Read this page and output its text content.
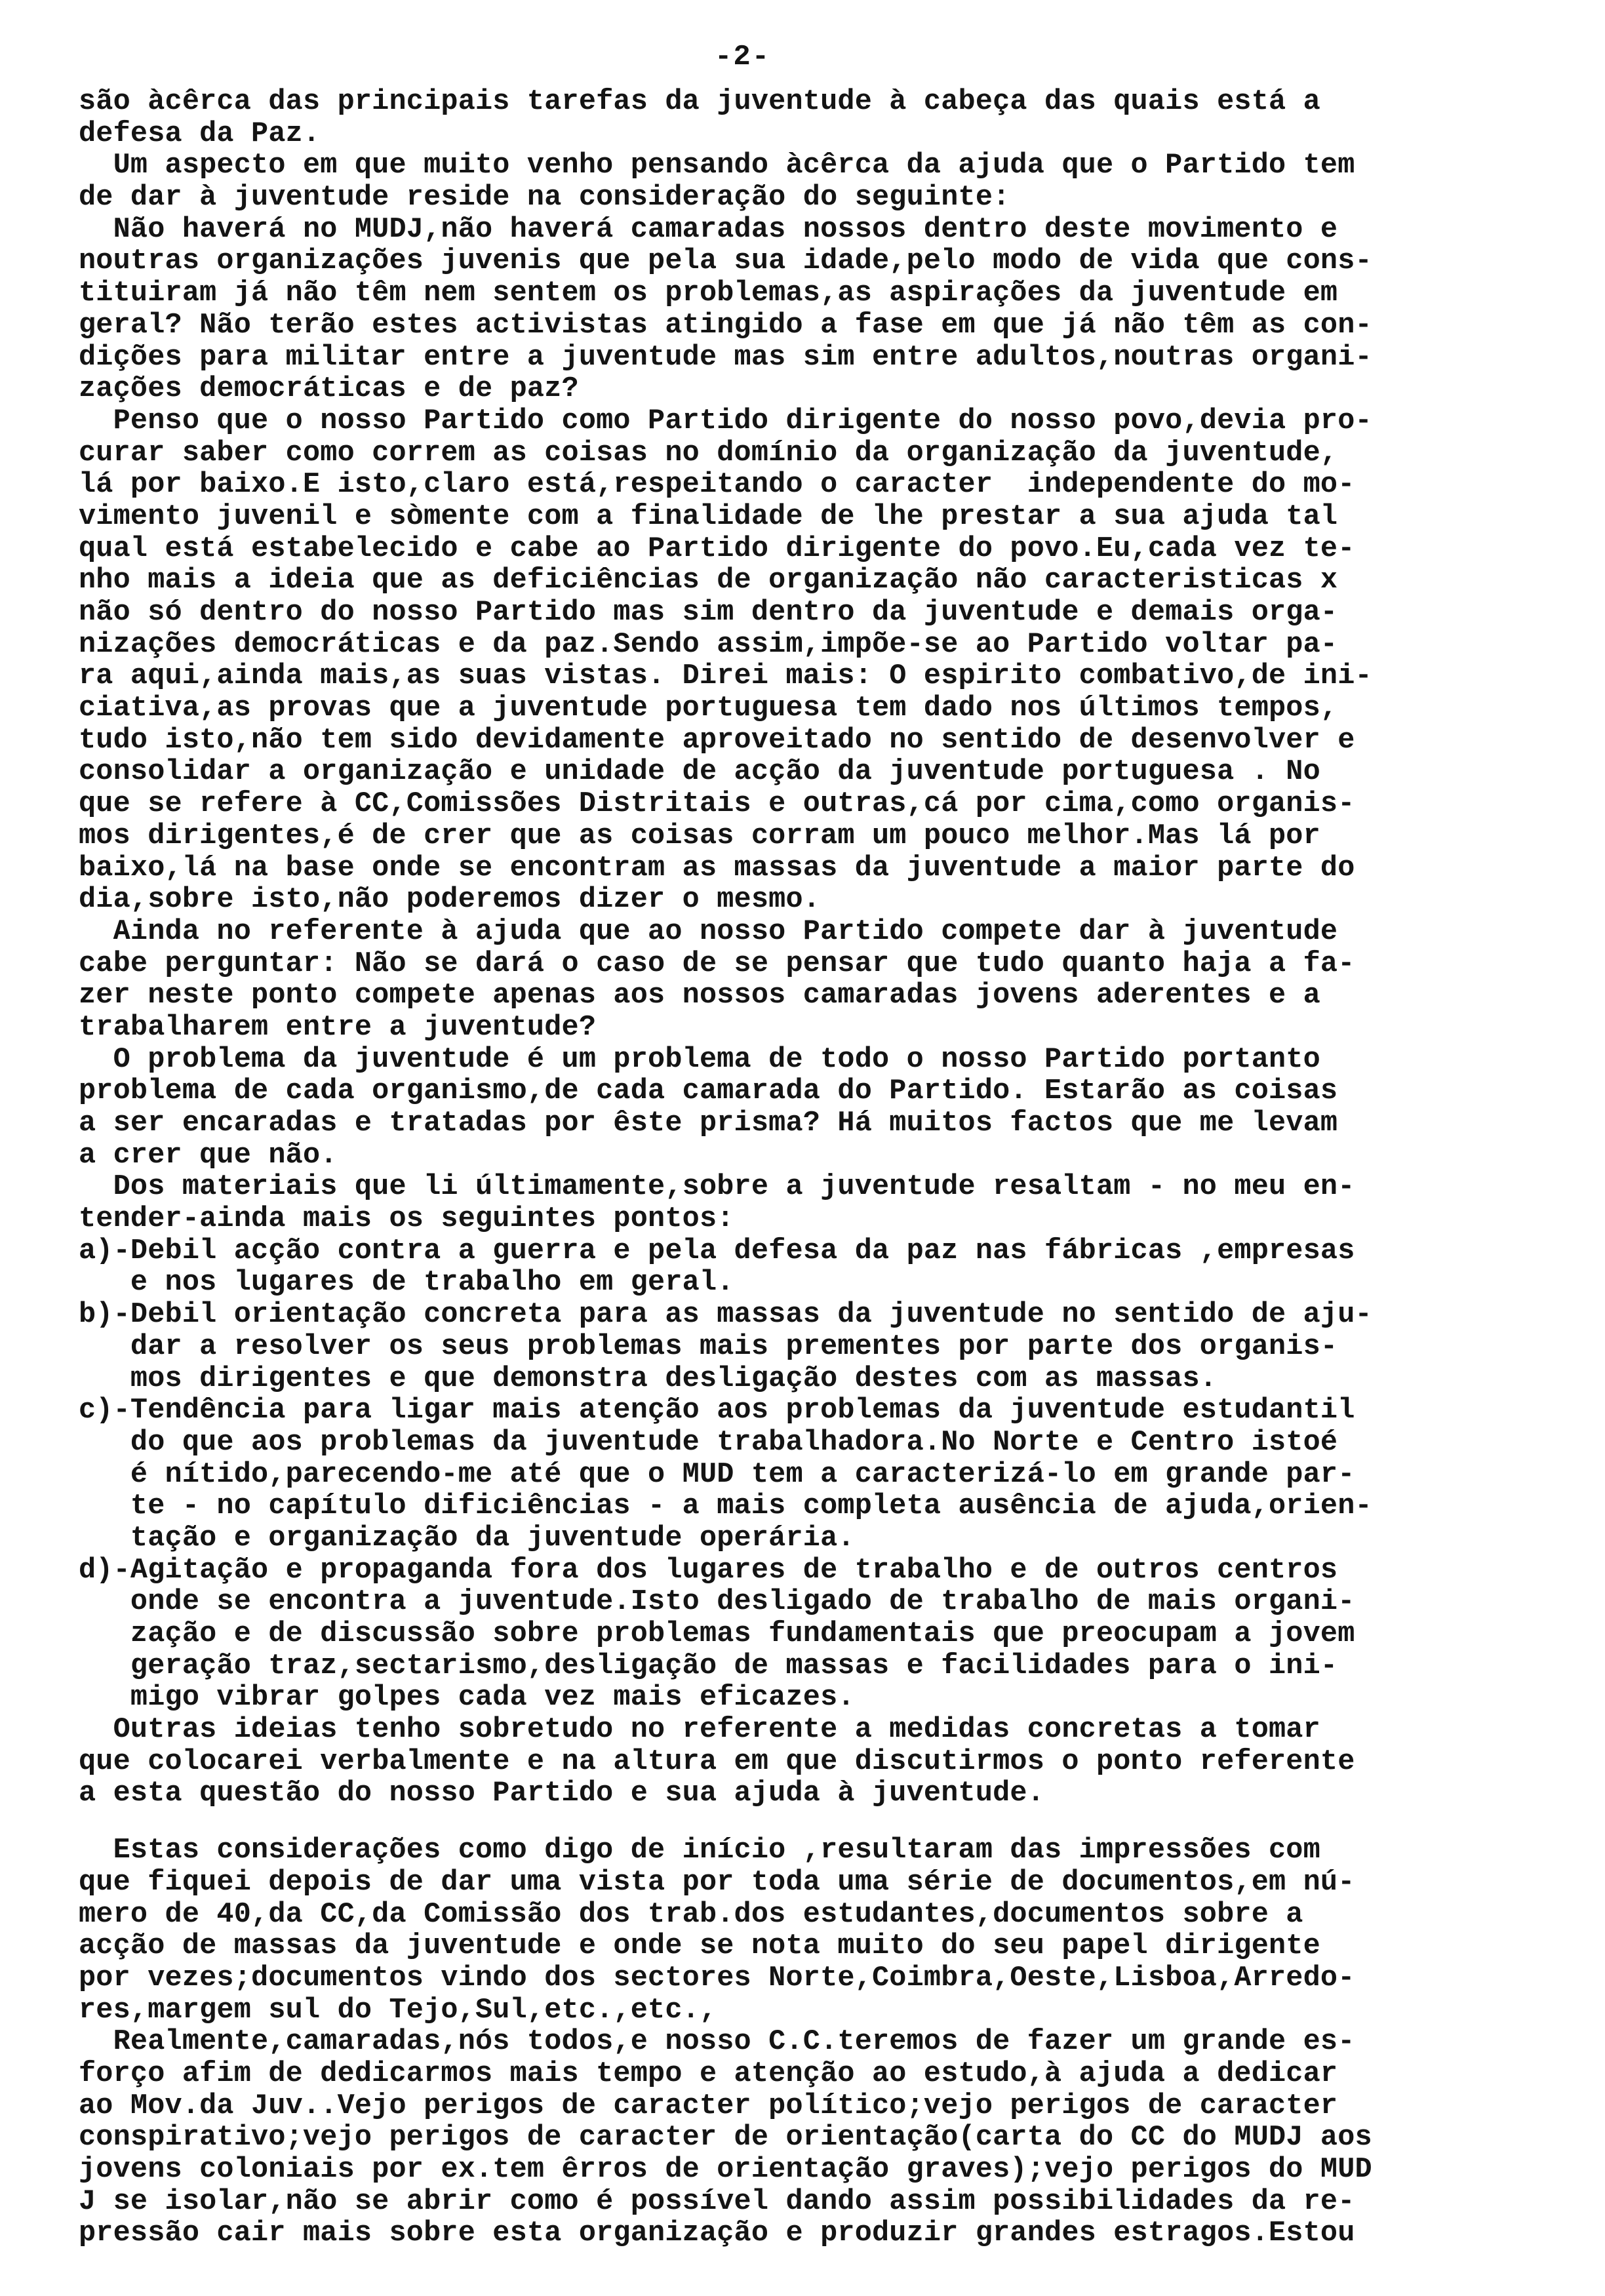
-2-
são àcêrca das principais tarefas da juventude à cabeça das quais está a
defesa da Paz.
Um aspecto em que muito venho pensando àcêrca da ajuda que o Partido tem
de dar à juventude reside na consideração do seguinte:
Não haverá no MUDJ,não haverá camaradas nossos dentro deste movimento e
noutras organizações juvenis que pela sua idade,pelo modo de vida que cons-
tituiram já não têm nem sentem os problemas,as aspirações da juventude em
geral? Não terão estes activistas atingido a fase em que já não têm as con-
dições para militar entre a juventude mas sim entre adultos,noutras organi-
zações democráticas e de paz?
Penso que o nosso Partido como Partido dirigente do nosso povo,devia pro-
curar saber como correm as coisas no domínio da organização da juventude,
lá por baixo.E isto,claro está,respeitando o caracter  independente do mo-
vimento juvenil e sòmente com a finalidade de lhe prestar a sua ajuda tal
qual está estabelecido e cabe ao Partido dirigente do povo.Eu,cada vez te-
nho mais a ideia que as deficiências de organização não caracteristicas x
não só dentro do nosso Partido mas sim dentro da juventude e demais orga-
nizações democráticas e da paz.Sendo assim,impõe-se ao Partido voltar pa-
ra aqui,ainda mais,as suas vistas. Direi mais: O espirito combativo,de ini-
ciativa,as provas que a juventude portuguesa tem dado nos últimos tempos,
tudo isto,não tem sido devidamente aproveitado no sentido de desenvolver e
consolidar a organização e unidade de acção da juventude portuguesa . No
que se refere à CC,Comissões Distritais e outras,cá por cima,como organis-
mos dirigentes,é de crer que as coisas corram um pouco melhor.Mas lá por
baixo,lá na base onde se encontram as massas da juventude a maior parte do
dia,sobre isto,não poderemos dizer o mesmo.
Ainda no referente à ajuda que ao nosso Partido compete dar à juventude
cabe perguntar: Não se dará o caso de se pensar que tudo quanto haja a fa-
zer neste ponto compete apenas aos nossos camaradas jovens aderentes e a
trabalharem entre a juventude?
O problema da juventude é um problema de todo o nosso Partido portanto
problema de cada organismo,de cada camarada do Partido. Estarão as coisas
a ser encaradas e tratadas por êste prisma? Há muitos factos que me levam
a crer que não.
Dos materiais que li últimamente,sobre a juventude resaltam - no meu en-
tender-ainda mais os seguintes pontos:
a)-Debil acção contra a guerra e pela defesa da paz nas fábricas ,empresas
e nos lugares de trabalho em geral.
b)-Debil orientação concreta para as massas da juventude no sentido de aju-
dar a resolver os seus problemas mais prementes por parte dos organis-
mos dirigentes e que demonstra desligação destes com as massas.
c)-Tendência para ligar mais atenção aos problemas da juventude estudantil
do que aos problemas da juventude trabalhadora.No Norte e Centro istoé
é nítido,parecendo-me até que o MUD tem a caracterizá-lo em grande par-
te - no capítulo dificiências - a mais completa ausência de ajuda,orien-
tação e organização da juventude operária.
d)-Agitação e propaganda fora dos lugares de trabalho e de outros centros
onde se encontra a juventude.Isto desligado de trabalho de mais organi-
zação e de discussão sobre problemas fundamentais que preocupam a jovem
geração traz,sectarismo,desligação de massas e facilidades para o ini-
migo vibrar golpes cada vez mais eficazes.
Outras ideias tenho sobretudo no referente a medidas concretas a tomar
que colocarei verbalmente e na altura em que discutirmos o ponto referente
a esta questão do nosso Partido e sua ajuda à juventude.
Estas considerações como digo de início ,resultaram das impressões com
que fiquei depois de dar uma vista por toda uma série de documentos,em nú-
mero de 40,da CC,da Comissão dos trab.dos estudantes,documentos sobre a
acção de massas da juventude e onde se nota muito do seu papel dirigente
por vezes;documentos vindo dos sectores Norte,Coimbra,Oeste,Lisboa,Arredo-
res,margem sul do Tejo,Sul,etc.,etc.,
Realmente,camaradas,nós todos,e nosso C.C.teremos de fazer um grande es-
forço afim de dedicarmos mais tempo e atenção ao estudo,à ajuda a dedicar
ao Mov.da Juv..Vejo perigos de caracter político;vejo perigos de caracter
conspirativo;vejo perigos de caracter de orientação(carta do CC do MUDJ aos
jovens coloniais por ex.tem êrros de orientação graves);vejo perigos do MUD
J se isolar,não se abrir como é possível dando assim possibilidades da re-
pressão cair mais sobre esta organização e produzir grandes estragos.Estou
